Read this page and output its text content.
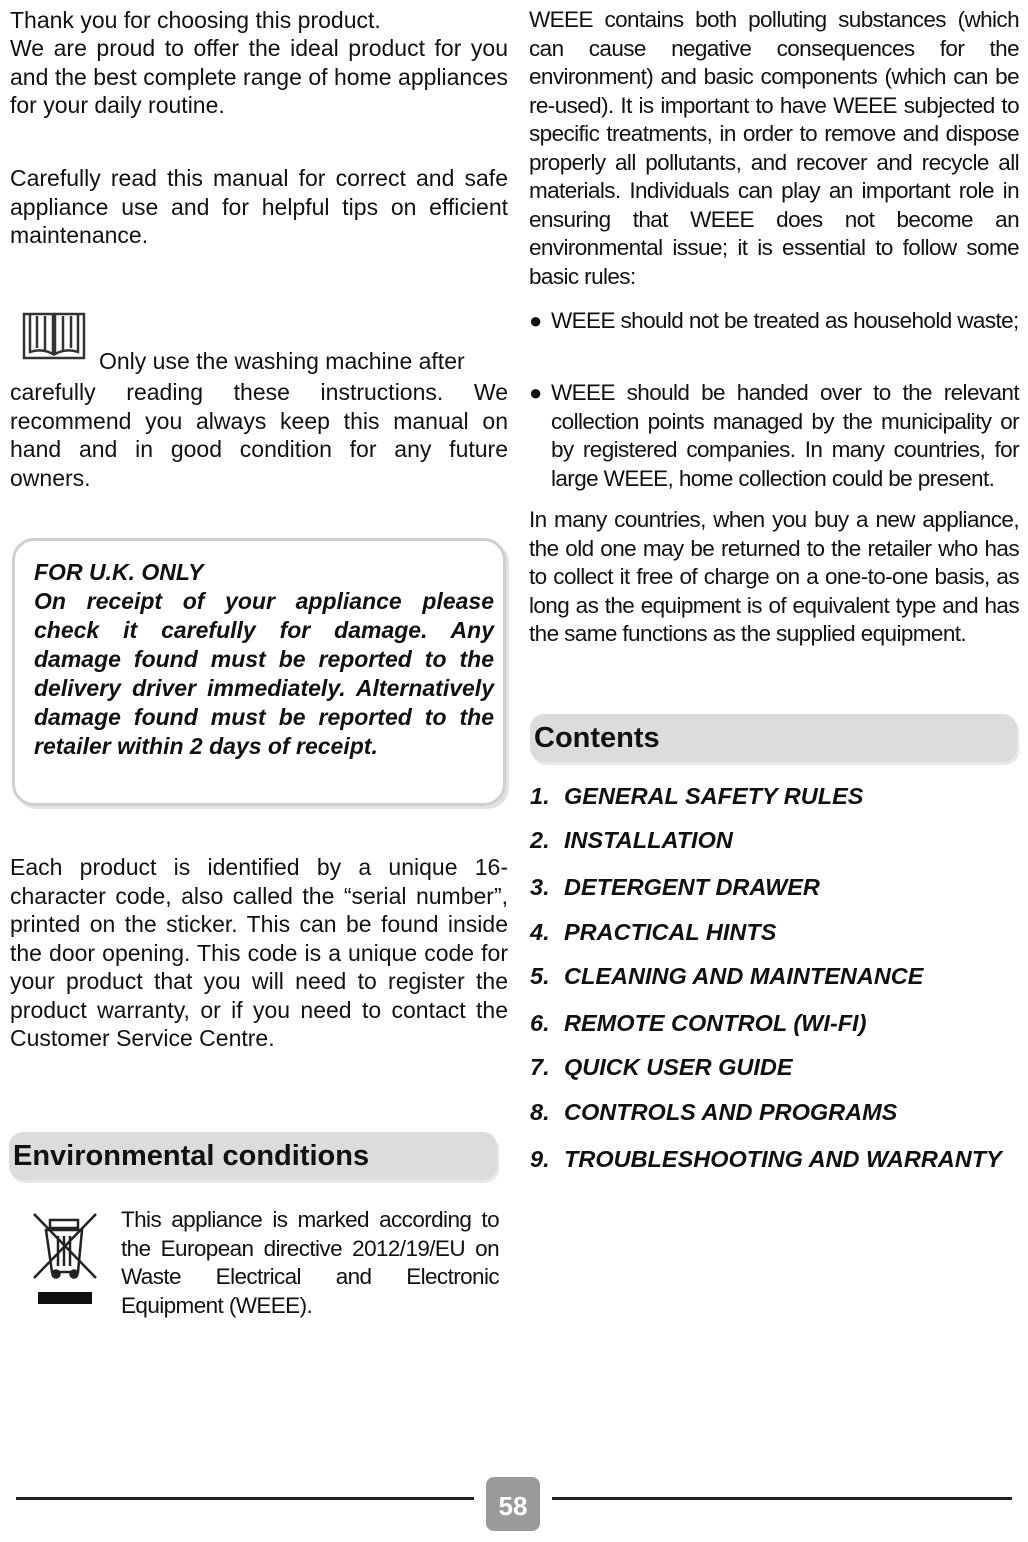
Thank you for choosing this product.

We are proud to offer the ideal product for you and the best complete range of home appliances for your daily routine.

Carefully read this manual for correct and safe appliance use and for helpful tips on efficient maintenance.

Only use the washing machine after

carefully reading these instructions. We recommend you always keep this manual on hand and in good condition for any future owners.

FOR U.K. ONLY
On receipt of your appliance please check it carefully for damage. Any damage found must be reported to the delivery driver immediately. Alternatively damage found must be reported to the retailer within 2 days of receipt.

Each product is identified by a unique 16-character code, also called the “serial number”, printed on the sticker. This can be found inside the door opening. This code is a unique code for your product that you will need to register the product warranty, or if you need to contact the Customer Service Centre.

Environmental conditions

This appliance is marked according to the European directive 2012/19/EU on Waste Electrical and Electronic Equipment (WEEE).

WEEE contains both polluting substances (which can cause negative consequences for the environment) and basic components (which can be re-used). It is important to have WEEE subjected to specific treatments, in order to remove and dispose properly all pollutants, and recover and recycle all materials. Individuals can play an important role in ensuring that WEEE does not become an environmental issue; it is essential to follow some basic rules:

● WEEE should not be treated as household waste;

● WEEE should be handed over to the relevant collection points managed by the municipality or by registered companies. In many countries, for large WEEE, home collection could be present.

In many countries, when you buy a new appliance, the old one may be returned to the retailer who has to collect it free of charge on a one-to-one basis, as long as the equipment is of equivalent type and has the same functions as the supplied equipment.

Contents
1. GENERAL SAFETY RULES
2. INSTALLATION
3. DETERGENT DRAWER
4. PRACTICAL HINTS
5. CLEANING AND MAINTENANCE
6. REMOTE CONTROL (WI-FI)
7. QUICK USER GUIDE
8. CONTROLS AND PROGRAMS
9. TROUBLESHOOTING AND WARRANTY
58
